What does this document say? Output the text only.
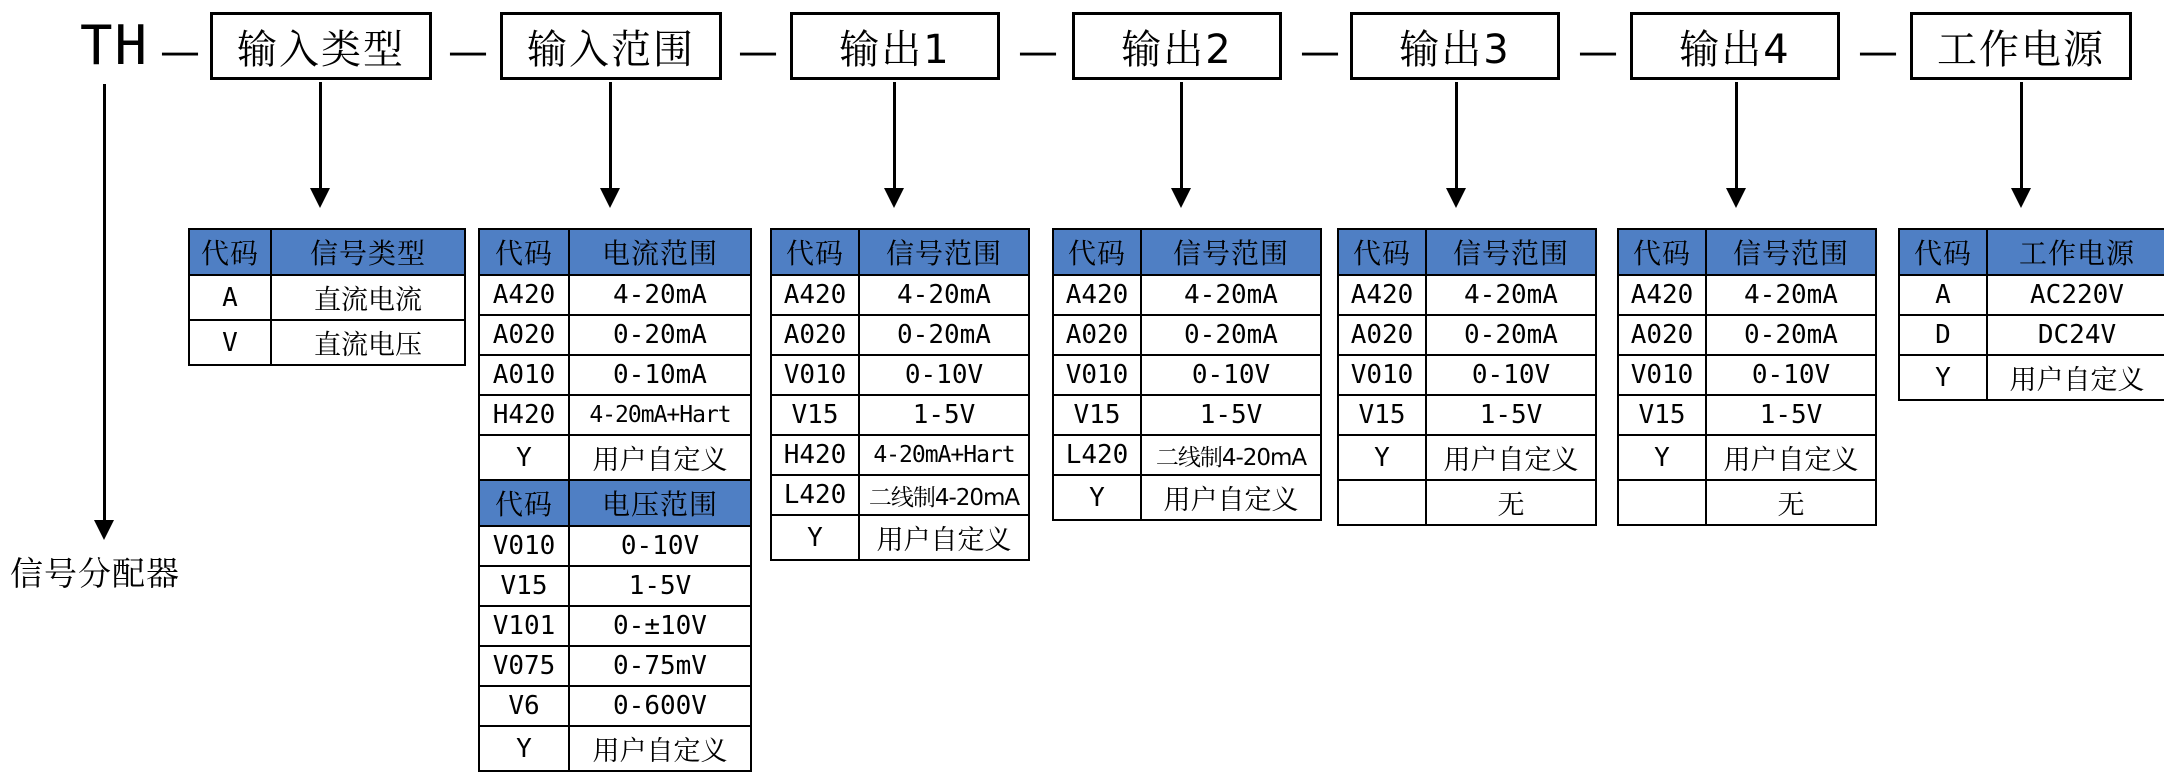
TH — 输入类型	— 输入范围	—	输出1	—	输出2	—	输出3	—	输出4	— 工作电源
信号分配器
代码	信号类型
A	直流电流
V	直流电压
代码	电流范围
A420	4-20mA
A020	0-20mA
A010	0-10mA
H420	4-20mA+Hart
Y	用户自定义
代码	电压范围
V010	0-10V
V15	1-5V
V101	0-±10V
V075	0-75mV
V6	0-600V
Y	用户自定义
代码	信号范围
A420	4-20mA
A020	0-20mA
V010	0-10V
V15	1-5V
H420	4-20mA+Hart
L420	二线制4-20mA
Y	用户自定义
代码	信号范围
A420	4-20mA
A020	0-20mA
V010	0-10V
V15	1-5V
L420	二线制4-20mA
Y	用户自定义
代码	信号范围
A420	4-20mA
A020	0-20mA
V010	0-10V
V15	1-5V
Y	用户自定义
	无
代码	信号范围
A420	4-20mA
A020	0-20mA
V010	0-10V
V15	1-5V
Y	用户自定义
	无
代码	工作电源
A	AC220V
D	DC24V
Y	用户自定义
